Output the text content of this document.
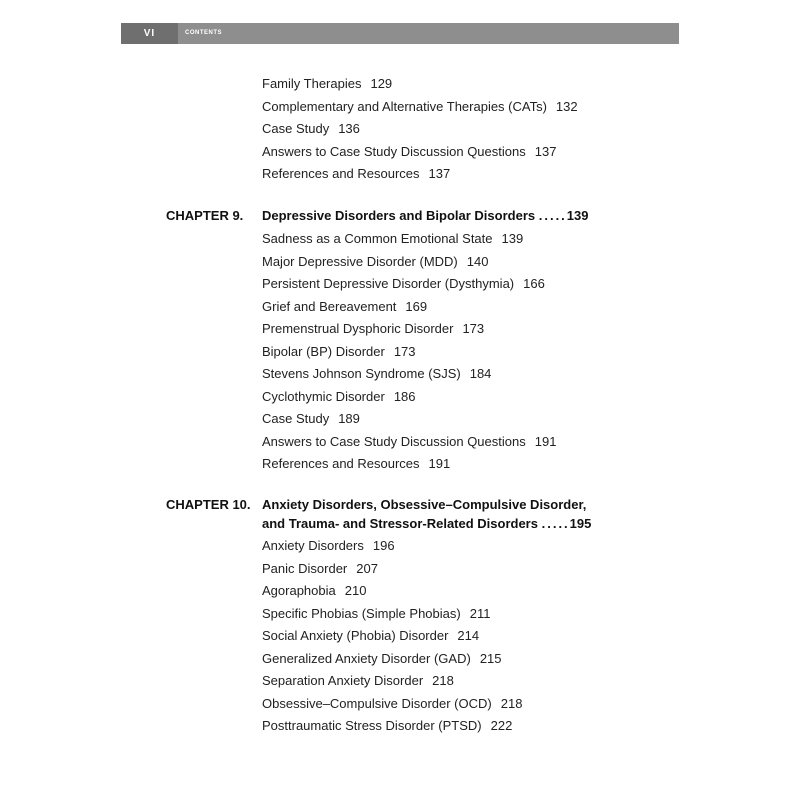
VI	CONTENTS
Family Therapies 129
Complementary and Alternative Therapies (CATs) 132
Case Study 136
Answers to Case Study Discussion Questions 137
References and Resources 137
CHAPTER 9. Depressive Disorders and Bipolar Disorders .....139
Sadness as a Common Emotional State 139
Major Depressive Disorder (MDD) 140
Persistent Depressive Disorder (Dysthymia) 166
Grief and Bereavement 169
Premenstrual Dysphoric Disorder 173
Bipolar (BP) Disorder 173
Stevens Johnson Syndrome (SJS) 184
Cyclothymic Disorder 186
Case Study 189
Answers to Case Study Discussion Questions 191
References and Resources 191
CHAPTER 10. Anxiety Disorders, Obsessive–Compulsive Disorder,
and Trauma- and Stressor-Related Disorders .....195
Anxiety Disorders 196
Panic Disorder 207
Agoraphobia 210
Specific Phobias (Simple Phobias) 211
Social Anxiety (Phobia) Disorder 214
Generalized Anxiety Disorder (GAD) 215
Separation Anxiety Disorder 218
Obsessive–Compulsive Disorder (OCD) 218
Posttraumatic Stress Disorder (PTSD) 222
